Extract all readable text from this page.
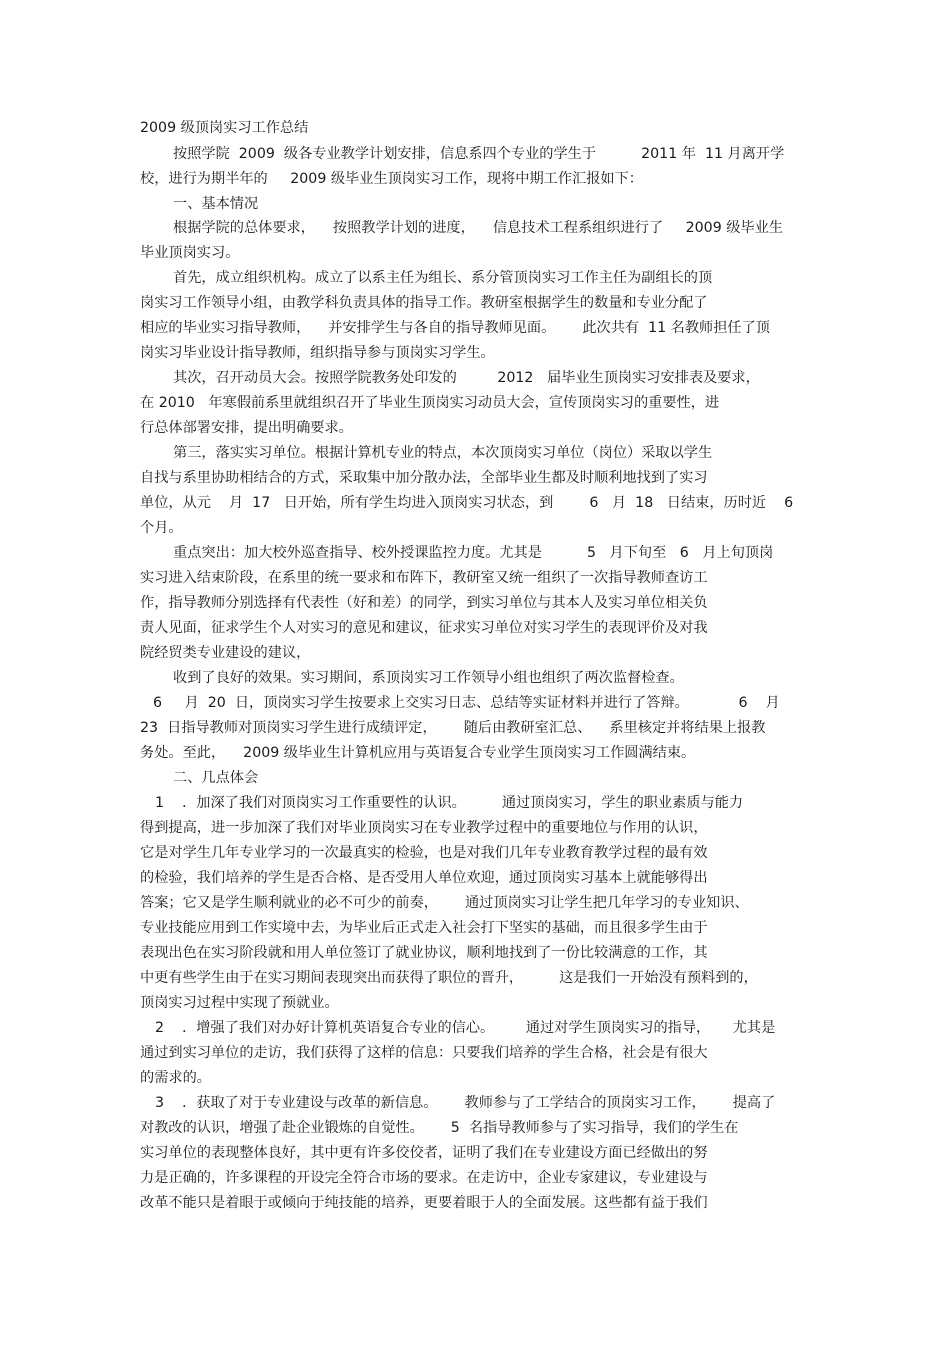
2009 级顶岗实习工作总结
按照学院  2009  级各专业教学计划安排，信息系四个专业的学生于          2011 年  11 月离开学
校，进行为期半年的     2009 级毕业生顶岗实习工作，现将中期工作汇报如下：
一、基本情况
根据学院的总体要求，    按照教学计划的进度，    信息技术工程系组织进行了     2009 级毕业生
毕业顶岗实习。
首先，成立组织机构。成立了以系主任为组长、系分管顶岗实习工作主任为副组长的顶
岗实习工作领导小组，由教学科负责具体的指导工作。教研室根据学生的数量和专业分配了
相应的毕业实习指导教师，    并安排学生与各自的指导教师见面。      此次共有  11 名教师担任了顶
岗实习毕业设计指导教师，组织指导参与顶岗实习学生。
其次，召开动员大会。按照学院教务处印发的         2012   届毕业生顶岗实习安排表及要求，
在 2010   年寒假前系里就组织召开了毕业生顶岗实习动员大会，宣传顶岗实习的重要性，进
行总体部署安排，提出明确要求。
第三，落实实习单位。根据计算机专业的特点，本次顶岗实习单位（岗位）采取以学生
自找与系里协助相结合的方式，采取集中加分散办法，全部毕业生都及时顺利地找到了实习
单位，从元    月  17   日开始，所有学生均进入顶岗实习状态，到        6   月  18   日结束，历时近    6
个月。
重点突出：加大校外巡查指导、校外授课监控力度。尤其是          5   月下旬至   6   月上旬顶岗
实习进入结束阶段，在系里的统一要求和布阵下，教研室又统一组织了一次指导教师查访工
作，指导教师分别选择有代表性（好和差）的同学，到实习单位与其本人及实习单位相关负
责人见面，征求学生个人对实习的意见和建议，征求实习单位对实习学生的表现评价及对我
院经贸类专业建设的建议，
收到了良好的效果。实习期间，系顶岗实习工作领导小组也组织了两次监督检查。
6     月  20  日，顶岗实习学生按要求上交实习日志、总结等实证材料并进行了答辩。           6    月
23  日指导教师对顶岗实习学生进行成绩评定，      随后由教研室汇总、    系里核定并将结果上报教
务处。至此，    2009 级毕业生计算机应用与英语复合专业学生顶岗实习工作圆满结束。
二、几点体会
1    ．加深了我们对顶岗实习工作重要性的认识。        通过顶岗实习，学生的职业素质与能力
得到提高，进一步加深了我们对毕业顶岗实习在专业教学过程中的重要地位与作用的认识，
它是对学生几年专业学习的一次最真实的检验，也是对我们几年专业教育教学过程的最有效
的检验，我们培养的学生是否合格、是否受用人单位欢迎，通过顶岗实习基本上就能够得出
答案；它又是学生顺利就业的必不可少的前奏，      通过顶岗实习让学生把几年学习的专业知识、
专业技能应用到工作实境中去，为毕业后正式走入社会打下坚实的基础，而且很多学生由于
表现出色在实习阶段就和用人单位签订了就业协议，顺利地找到了一份比较满意的工作，其
中更有些学生由于在实习期间表现突出而获得了职位的晋升，        这是我们一开始没有预料到的，
顶岗实习过程中实现了预就业。
2    ．增强了我们对办好计算机英语复合专业的信心。       通过对学生顶岗实习的指导，     尤其是
通过到实习单位的走访，我们获得了这样的信息：只要我们培养的学生合格，社会是有很大
的需求的。
3    ．获取了对于专业建设与改革的新信息。      教师参与了工学结合的顶岗实习工作，      提高了
对教改的认识，增强了赴企业锻炼的自觉性。      5  名指导教师参与了实习指导，我们的学生在
实习单位的表现整体良好，其中更有许多佼佼者，证明了我们在专业建设方面已经做出的努
力是正确的，许多课程的开设完全符合市场的要求。在走访中，企业专家建议，专业建设与
改革不能只是着眼于或倾向于纯技能的培养，更要着眼于人的全面发展。这些都有益于我们
